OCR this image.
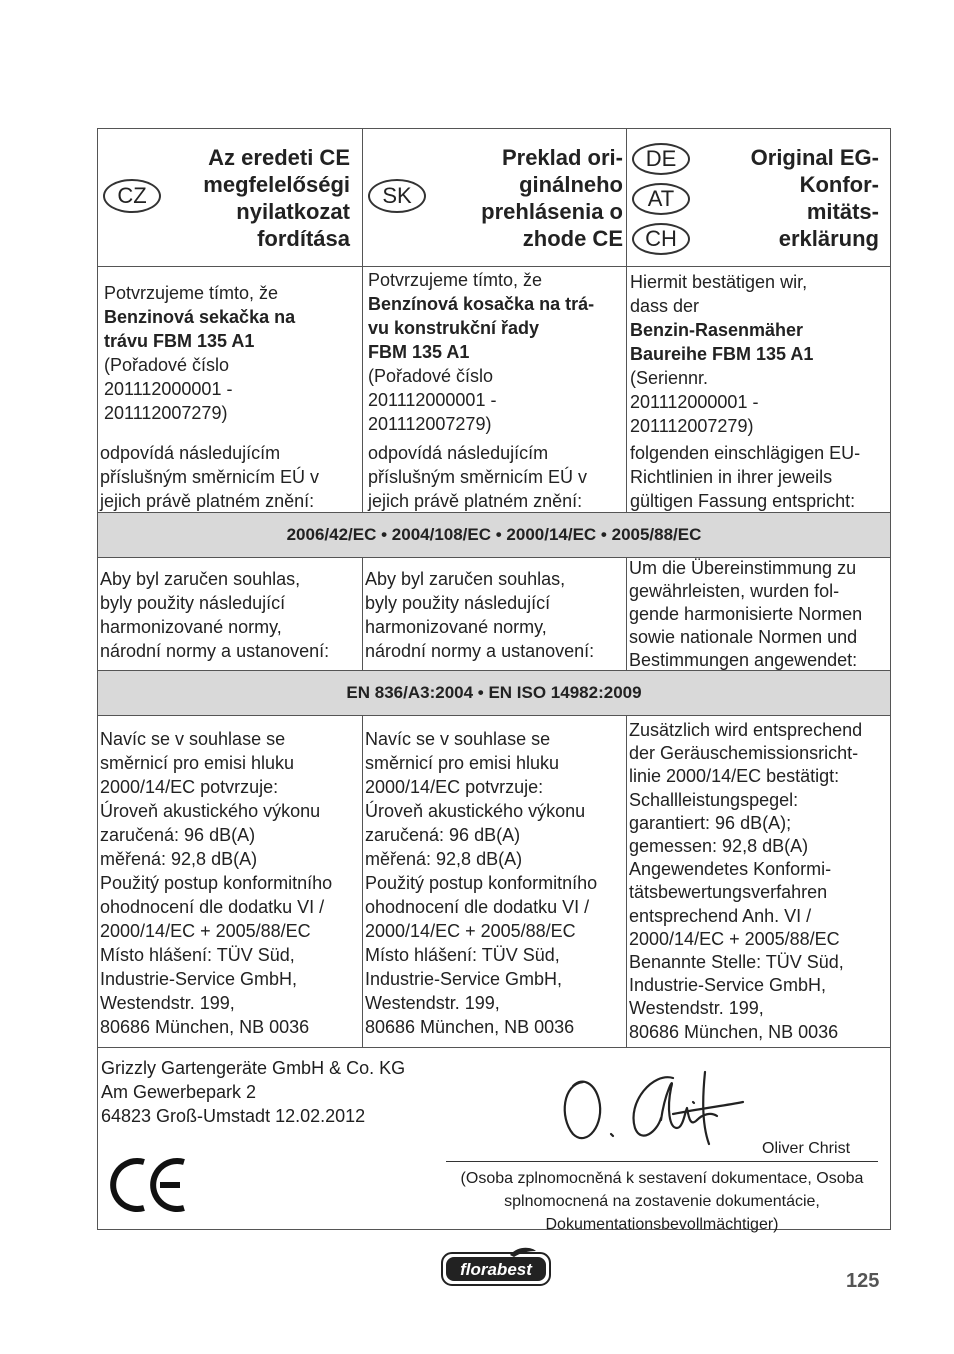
CZ
Az eredeti CE
megfelelőségi
nyilatkozat
fordítása
SK
Preklad ori-
ginálneho
prehlásenia o
zhode CE
DE
AT
CH
Original EG-
Konfor-
mitäts-
erklärung
Potvrzujeme tímto, že
Benzinová sekačka na
trávu FBM 135 A1
(Pořadové číslo
201112000001 -
201112007279)
odpovídá následujícím
příslušným směrnicím EÚ v
jejich právě platném znění:
Potvrzujeme tímto, že
Benzínová kosačka na trá-
vu konstrukční řady
FBM 135 A1
(Pořadové číslo
201112000001 -
201112007279)
odpovídá následujícím
příslušným směrnicím EÚ v
jejich právě platném znění:
Hiermit bestätigen wir,
dass der
Benzin-Rasenmäher
Baureihe FBM 135 A1
(Seriennr.
201112000001 -
201112007279)
folgenden einschlägigen EU-
Richtlinien in ihrer jeweils
gültigen Fassung entspricht:
2006/42/EC • 2004/108/EC • 2000/14/EC • 2005/88/EC
Aby byl zaručen souhlas,
byly použity následující
harmonizované normy,
národní normy a ustanovení:
Aby byl zaručen souhlas,
byly použity následující
harmonizované normy,
národní normy a ustanovení:
Um die Übereinstimmung zu
gewährleisten, wurden fol-
gende harmonisierte Normen
sowie nationale Normen und
Bestimmungen angewendet:
EN 836/A3:2004 • EN ISO 14982:2009
Navíc se v souhlase se
směrnicí pro emisi hluku
2000/14/EC potvrzuje:
Úroveň akustického výkonu
zaručená: 96 dB(A)
měřená: 92,8 dB(A)
Použitý postup konformitního
ohodnocení dle dodatku VI /
2000/14/EC + 2005/88/EC
Místo hlášení: TÜV Süd,
Industrie-Service GmbH,
Westendstr. 199,
80686 München, NB 0036
Navíc se v souhlase se
směrnicí pro emisi hluku
2000/14/EC potvrzuje:
Úroveň akustického výkonu
zaručená: 96 dB(A)
měřená: 92,8 dB(A)
Použitý postup konformitního
ohodnocení dle dodatku VI /
2000/14/EC + 2005/88/EC
Místo hlášení: TÜV Süd,
Industrie-Service GmbH,
Westendstr. 199,
80686 München, NB 0036
Zusätzlich wird entsprechend
der Geräuschemissionsricht-
linie 2000/14/EC bestätigt:
Schallleistungspegel:
garantiert: 96 dB(A);
gemessen: 92,8 dB(A)
Angewendetes Konformi-
tätsbewertungsverfahren
entsprechend Anh. VI /
2000/14/EC + 2005/88/EC
Benannte Stelle: TÜV Süd,
Industrie-Service GmbH,
Westendstr. 199,
80686 München, NB 0036
Grizzly Gartengeräte GmbH & Co. KG
Am Gewerbepark 2
64823 Groß-Umstadt 12.02.2012
Oliver Christ
(Osoba zplnomocněná k sestavení dokumentace, Osoba
splnomocnená na zostavenie dokumentácie,
Dokumentationsbevollmächtiger)
florabest
125
